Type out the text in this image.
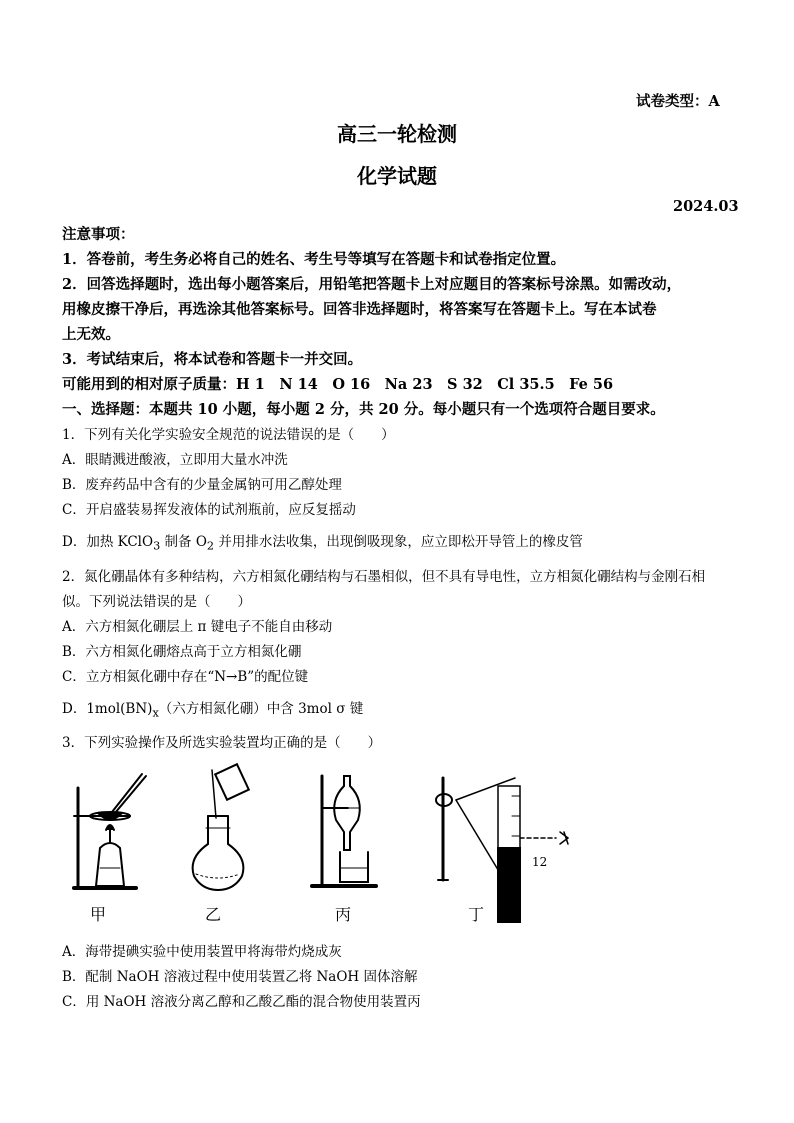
试卷类型：A
高三一轮检测
化学试题
2024.03
注意事项：
1．答卷前，考生务必将自己的姓名、考生号等填写在答题卡和试卷指定位置。
2．回答选择题时，选出每小题答案后，用铅笔把答题卡上对应题目的答案标号涂黑。如需改动，
用橡皮擦干净后，再选涂其他答案标号。回答非选择题时，将答案写在答题卡上。写在本试卷
上无效。
3．考试结束后，将本试卷和答题卡一并交回。
可能用到的相对原子质量：H 1　N 14　O 16　Na 23　S 32　Cl 35.5　Fe 56
一、选择题：本题共 10 小题，每小题 2 分，共 20 分。每小题只有一个选项符合题目要求。
1．下列有关化学实验安全规范的说法错误的是（　　）
A．眼睛溅进酸液，立即用大量水冲洗
B．废弃药品中含有的少量金属钠可用乙醇处理
C．开启盛装易挥发液体的试剂瓶前，应反复摇动
D．加热 KClO$_3$ 制备 $O_2$ 并用排水法收集，出现倒吸现象，应立即松开导管上的橡皮管
2．氮化硼晶体有多种结构，六方相氮化硼结构与石墨相似，但不具有导电性，立方相氮化硼结构与金刚石相
似。下列说法错误的是（　　）
A．六方相氮化硼层上 π 键电子不能自由移动
B．六方相氮化硼熔点高于立方相氮化硼
C．立方相氮化硼中存在“N→B”的配位键
D．$1mol(BN)_x$（六方相氮化硼）中含 3mol σ 键
3．下列实验操作及所选实验装置均正确的是（　　）
12
甲	乙	丙	丁
A．海带提碘实验中使用装置甲将海带灼烧成灰
B．配制 NaOH 溶液过程中使用装置乙将 NaOH 固体溶解
C．用 NaOH 溶液分离乙醇和乙酸乙酯的混合物使用装置丙
